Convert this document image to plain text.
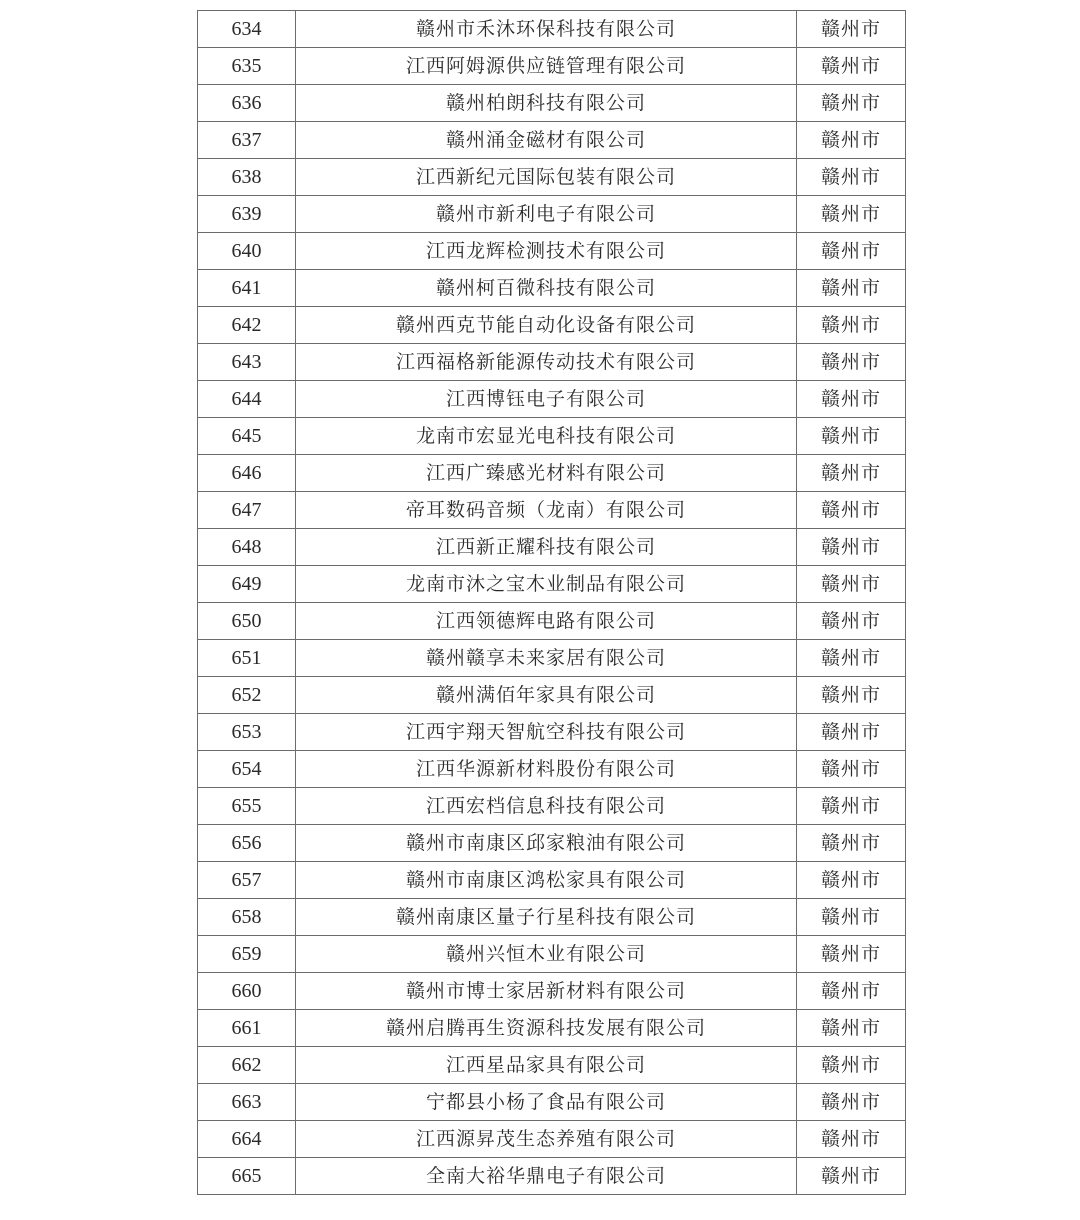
634	赣州市禾沐环保科技有限公司	赣州市
635	江西阿姆源供应链管理有限公司	赣州市
636	赣州柏朗科技有限公司	赣州市
637	赣州涌金磁材有限公司	赣州市
638	江西新纪元国际包装有限公司	赣州市
639	赣州市新利电子有限公司	赣州市
640	江西龙辉检测技术有限公司	赣州市
641	赣州柯百微科技有限公司	赣州市
642	赣州西克节能自动化设备有限公司	赣州市
643	江西福格新能源传动技术有限公司	赣州市
644	江西博钰电子有限公司	赣州市
645	龙南市宏显光电科技有限公司	赣州市
646	江西广臻感光材料有限公司	赣州市
647	帝耳数码音频（龙南）有限公司	赣州市
648	江西新正耀科技有限公司	赣州市
649	龙南市沐之宝木业制品有限公司	赣州市
650	江西领德辉电路有限公司	赣州市
651	赣州赣享未来家居有限公司	赣州市
652	赣州满佰年家具有限公司	赣州市
653	江西宇翔天智航空科技有限公司	赣州市
654	江西华源新材料股份有限公司	赣州市
655	江西宏档信息科技有限公司	赣州市
656	赣州市南康区邱家粮油有限公司	赣州市
657	赣州市南康区鸿松家具有限公司	赣州市
658	赣州南康区量子行星科技有限公司	赣州市
659	赣州兴恒木业有限公司	赣州市
660	赣州市博士家居新材料有限公司	赣州市
661	赣州启腾再生资源科技发展有限公司	赣州市
662	江西星品家具有限公司	赣州市
663	宁都县小杨了食品有限公司	赣州市
664	江西源昇茂生态养殖有限公司	赣州市
665	全南大裕华鼎电子有限公司	赣州市
